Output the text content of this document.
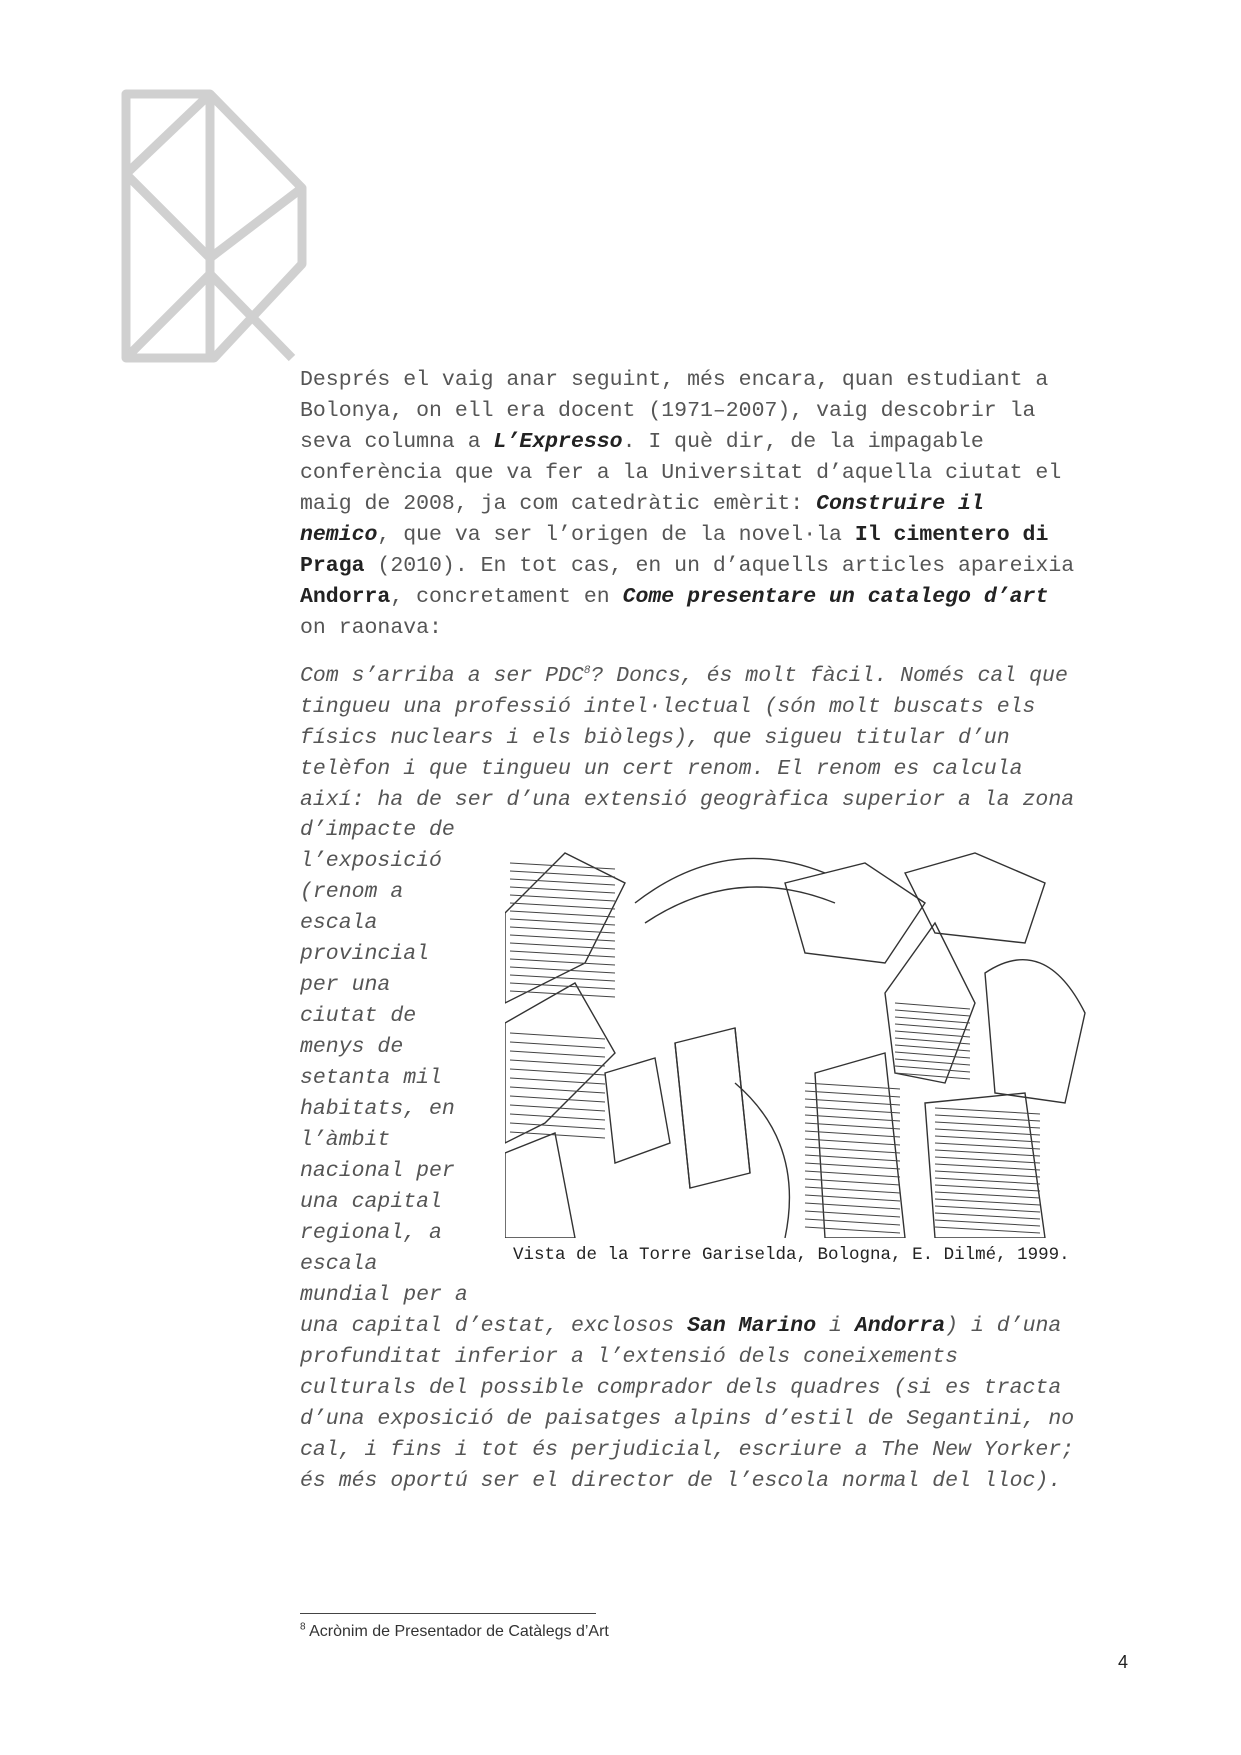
Després el vaig anar seguint, més encara, quan estudiant a
Bolonya, on ell era docent (1971–2007), vaig descobrir la
seva columna a L’Expresso. I què dir, de la impagable
conferència que va fer a la Universitat d’aquella ciutat el
maig de 2008, ja com catedràtic emèrit: Construire il
nemico, que va ser l’origen de la novel·la Il cimentero di
Praga (2010). En tot cas, en un d’aquells articles apareixia
Andorra, concretament en Come presentare un catalego d’art
on raonava:
Com s’arriba a ser PDC$^8$? Doncs, és molt fàcil. Només cal que
tingueu una professió intel·lectual (són molt buscats els
físics nuclears i els biòlegs), que sigueu titular d’un
telèfon i que tingueu un cert renom. El renom es calcula
així: ha de ser d’una extensió geogràfica superior a la zona
d’impacte de
l’exposició
(renom a
escala
provincial
per una
ciutat de
menys de
setanta mil
habitats, en
l’àmbit
nacional per
una capital
regional, a
escala
mundial per a
Vista de la Torre Gariselda, Bologna, E. Dilmé, 1999.
una capital d’estat, exclosos San Marino i Andorra) i d’una
profunditat inferior a l’extensió dels coneixements
culturals del possible comprador dels quadres (si es tracta
d’una exposició de paisatges alpins d’estil de Segantini, no
cal, i fins i tot és perjudicial, escriure a The New Yorker;
és més oportú ser el director de l’escola normal del lloc).
$^8$ Acrònim de Presentador de Catàlegs d’Art
4
